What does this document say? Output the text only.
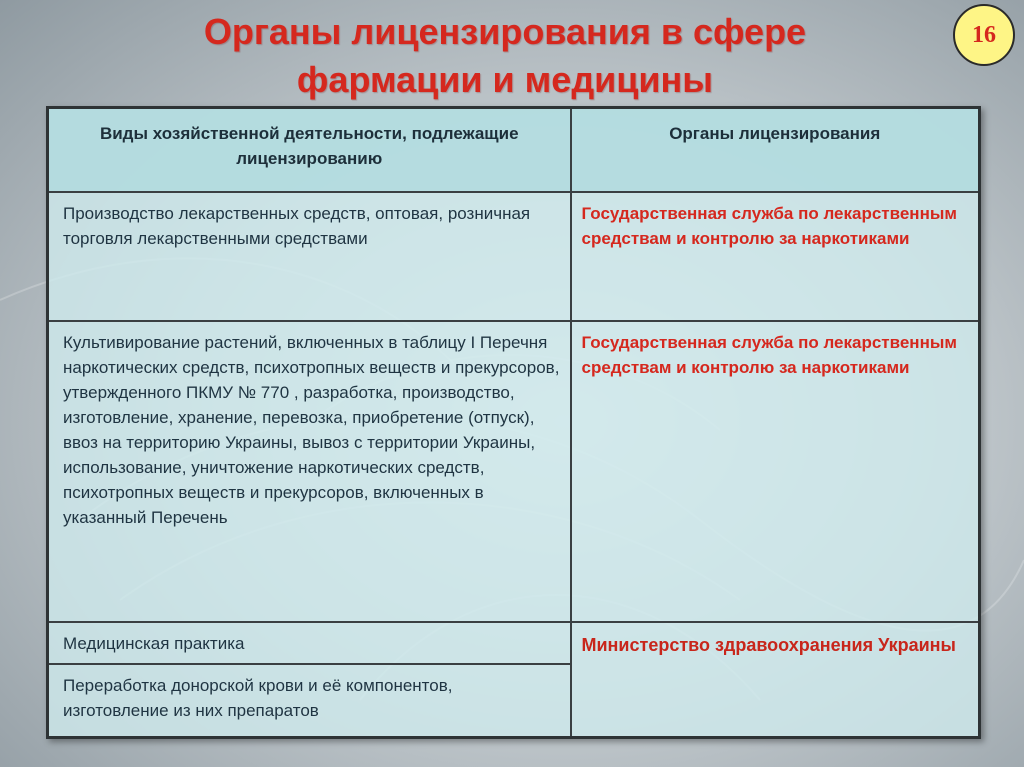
Органы лицензирования в сфере
фармации и медицины
16
Виды хозяйственной деятельности, подлежащие лицензированию	Органы лицензирования
Производство лекарственных средств, оптовая, розничная торговля лекарственными средствами	Государственная служба по лекарственным средствам и контролю за наркотиками
Культивирование растений, включенных в таблицу I Перечня наркотических средств, психотропных веществ и прекурсоров, утвержденного ПКМУ № 770 , разработка, производство, изготовление, хранение, перевозка, приобретение (отпуск), ввоз на территорию Украины, вывоз с территории Украины, использование, уничтожение наркотических средств, психотропных веществ и прекурсоров, включенных в указанный Перечень	Государственная служба по лекарственным средствам и контролю за наркотиками
Медицинская практика	Министерство здравоохранения Украины
Переработка донорской крови и её компонентов, изготовление из них препаратов	
